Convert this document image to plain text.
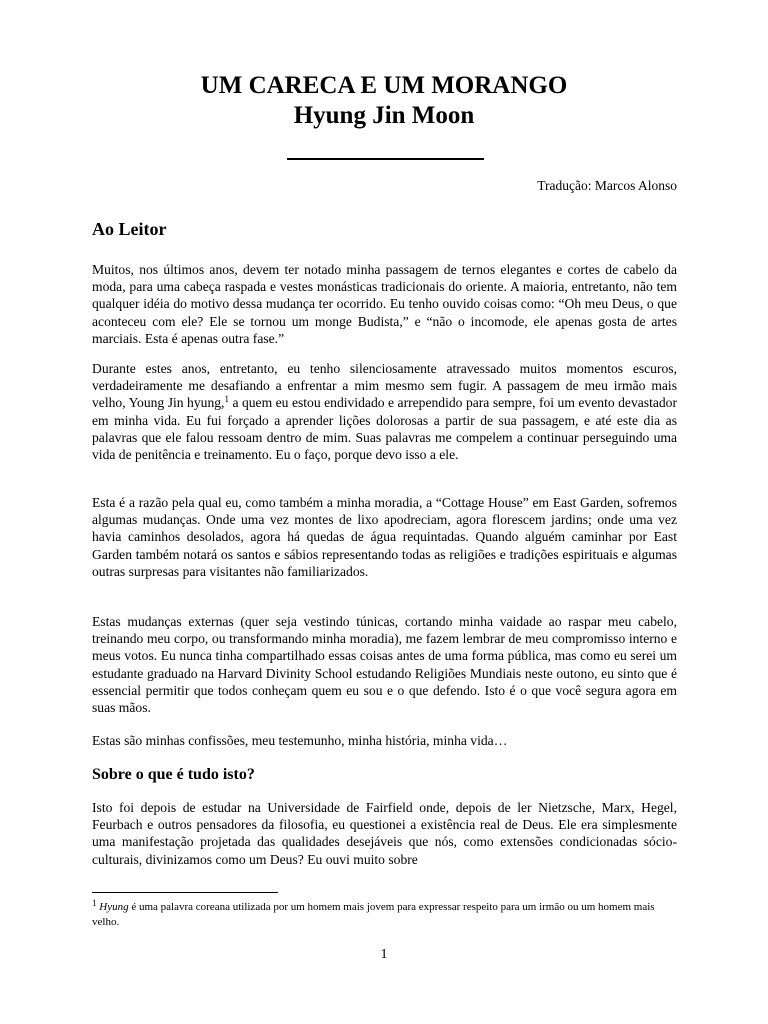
UM CARECA E UM MORANGO
Hyung Jin Moon
Tradução: Marcos Alonso
Ao Leitor

Muitos, nos últimos anos, devem ter notado minha passagem de ternos elegantes e cortes de cabelo da moda, para uma cabeça raspada e vestes monásticas tradicionais do oriente. A maioria, entretanto, não tem qualquer idéia do motivo dessa mudança ter ocorrido. Eu tenho ouvido coisas como: “Oh meu Deus, o que aconteceu com ele? Ele se tornou um monge Budista,” e “não o incomode, ele apenas gosta de artes marciais. Esta é apenas outra fase.”

Durante estes anos, entretanto, eu tenho silenciosamente atravessado muitos momentos escuros, verdadeiramente me desafiando a enfrentar a mim mesmo sem fugir. A passagem de meu irmão mais velho, Young Jin hyung,$^1$ a quem eu estou endividado e arrependido para sempre, foi um evento devastador em minha vida. Eu fui forçado a aprender lições dolorosas a partir de sua passagem, e até este dia as palavras que ele falou ressoam dentro de mim. Suas palavras me compelem a continuar perseguindo uma vida de penitência e treinamento. Eu o faço, porque devo isso a ele.

Esta é a razão pela qual eu, como também a minha moradia, a “Cottage House” em East Garden, sofremos algumas mudanças. Onde uma vez montes de lixo apodreciam, agora florescem jardins; onde uma vez havia caminhos desolados, agora há quedas de água requintadas. Quando alguém caminhar por East Garden também notará os santos e sábios representando todas as religiões e tradições espirituais e algumas outras surpresas para visitantes não familiarizados.

Estas mudanças externas (quer seja vestindo túnicas, cortando minha vaidade ao raspar meu cabelo, treinando meu corpo, ou transformando minha moradia), me fazem lembrar de meu compromisso interno e meus votos. Eu nunca tinha compartilhado essas coisas antes de uma forma pública, mas como eu serei um estudante graduado na Harvard Divinity School estudando Religiões Mundiais neste outono, eu sinto que é essencial permitir que todos conheçam quem eu sou e o que defendo. Isto é o que você segura agora em suas mãos.

Estas são minhas confissões, meu testemunho, minha história, minha vida…

Sobre o que é tudo isto?

Isto foi depois de estudar na Universidade de Fairfield onde, depois de ler Nietzsche, Marx, Hegel, Feurbach e outros pensadores da filosofia, eu questionei a existência real de Deus. Ele era simplesmente uma manifestação projetada das qualidades desejáveis que nós, como extensões condicionadas sócio-culturais, divinizamos como um Deus? Eu ouvi muito sobre

$^1$ Hyung é uma palavra coreana utilizada por um homem mais jovem para expressar respeito para um irmão ou um homem mais velho.

1
